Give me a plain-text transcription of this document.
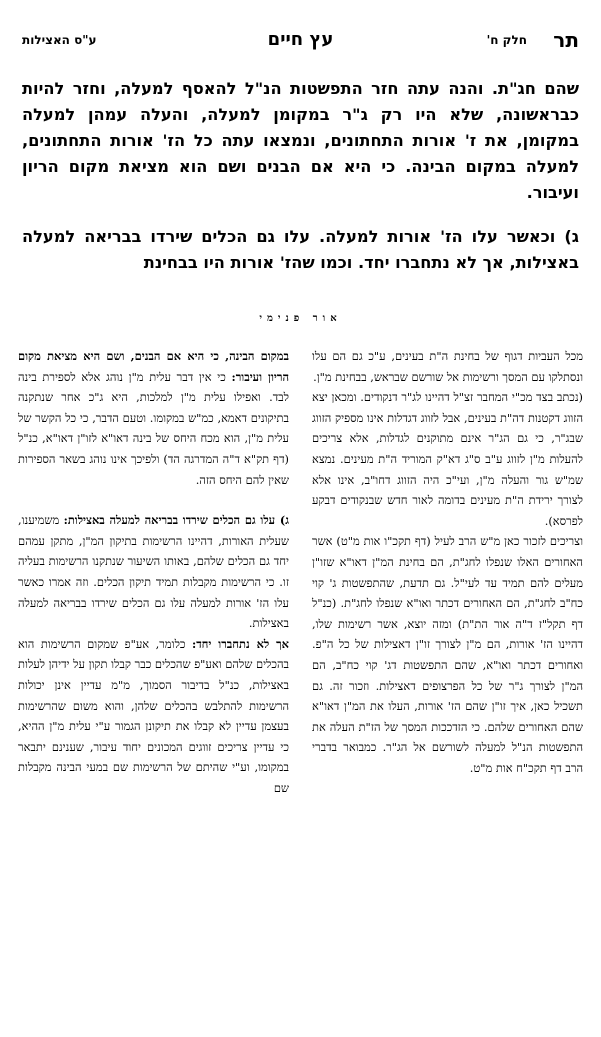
תר
חלק ח'
עץ חיים
ע"ס האצילות

שהם חג"ת. והנה עתה חזר התפשטות הנ"ל להאסף למעלה, וחזר להיות כבראשונה, שלא היו רק ג"ר במקומן למעלה, והעלה עמהן למעלה במקומן, את ז' אורות התחתונים, ונמצאו עתה כל הז' אורות התחתונים, למעלה במקום הבינה. כי היא אם הבנים ושם הוא מציאת מקום הריון ועיבור.

ג) וכאשר עלו הז' אורות למעלה. עלו גם הכלים שירדו בבריאה למעלה באצילות, אך לא נתחברו יחד. וכמו שהז' אורות היו בבחינת

אור פנימי

מכל העביות דגוף של בחינת ה"ת בעינים, ע"כ גם הם עלו ונסתלקו עם המסך ורשימות אל שורשם שבראש, בבחינת מ"ן.

(נכתב בצד מכ"י המחבר זצ"ל דהיינו לג"ר דנקודים. ומכאן יצא הזווג דקטנות דה"ת בעינים, אבל לזווג דגדלות אינו מספיק הזווג שבג"ר, כי גם הג"ר אינם מתוקנים לגדלות, אלא צריכים להעלות מ"ן לזווג ע"ב ס"ג דא"ק המוריד ה"ת מעינים. נמצא שמ"ש גור והעלה מ"ן, ועי"כ היה הזווג דחו"ב, אינו אלא לצורך ירידת ה"ת מעינים בדומה לאור חדש שבנקודים דבקע לפרסא).

וצריכים לזכור כאן מ"ש הרב לעיל (דף תקכ"ו אות מ"ט) אשר האחורים האלו שנפלו לחג"ת, הם בחינת המ"ן דאו"א שזו"ן מעלים להם תמיד עד לעי"ל. גם תדעת, שהתפשטות ג' קוי כח"ב לחג"ת, הם האחורים דכתר ואו"א שנפלו לחג"ת. (כנ"ל דף תקל"ז ד"ה אור הת"ת) ומזה יוצא, אשר רשימות שלו, דהיינו הז' אורות, הם מ"ן לצורך זו"ן דאצילות של כל ה"פ. ואחורים דכתר ואו"א, שהם התפשטות דג' קוי כח"ב, הם המ"ן לצורך ג"ר של כל הפרצופים דאצילות. וזכור זה. גם תשכיל כאן, איך זו"ן שהם הז' אורות, העלו את המ"ן דאו"א שהם האחורים שלהם. כי הזדככות המסך של הז"ת העלה את התפשטות הנ"ל למעלה לשורשם אל הג"ר. כמבואר בדברי הרב דף תקכ"ח אות מ"ט.

במקום הבינה, כי היא אם הבנים, ושם היא מציאת מקום הריון ועיבור: כי אין דבר עלית מ"ן נוהג אלא לספירת בינה לבד. ואפילו עלית מ"ן למלכות, היא ג"כ אחר שנתקנה בתיקונים דאמא, כמ"ש במקומו. וטעם הדבר, כי כל הקשר של עלית מ"ן, הוא מכח היחס של בינה דאו"א לזו"ן דאו"א, כנ"ל (דף תק"א ד"ה המדרגה הד) ולפיכך אינו נוהג בשאר הספירות שאין להם היחס הזה.

ג) עלו גם הכלים שירדו בבריאה למעלה באצילות: משמיענו, שעלית האורות, דהיינו הרשימות בתיקון המ"ן, מתקן עמהם יחד גם הכלים שלהם, באותו השיעור שנתקנו הרשימות בעליה זו. כי הרשימות מקבלות תמיד תיקון הכלים. וזה אמרו כאשר עלו הז' אורות למעלה עלו גם הכלים שירדו בבריאה למעלה באצילות.

אך לא נתחברו יחד: כלומר, אע"פ שמקום הרשימות הוא בהכלים שלהם ואע"פ שהכלים כבר קבלו תקון על ידיהן לעלות באצילות, כנ"ל בדיבור הסמוך, מ"מ עדיין אינן יכולות הרשימות להתלבש בהכלים שלהן, והוא משום שהרשימות בעצמן עדיין לא קבלו את תיקונן הגמור ע"י עלית מ"ן ההיא, כי עדיין צריכים זווגים המכונים יחוד עיבור, שענינם יתבאר במקומו, וע"י שהיתם של הרשימות שם במעי הבינה מקבלות שם
